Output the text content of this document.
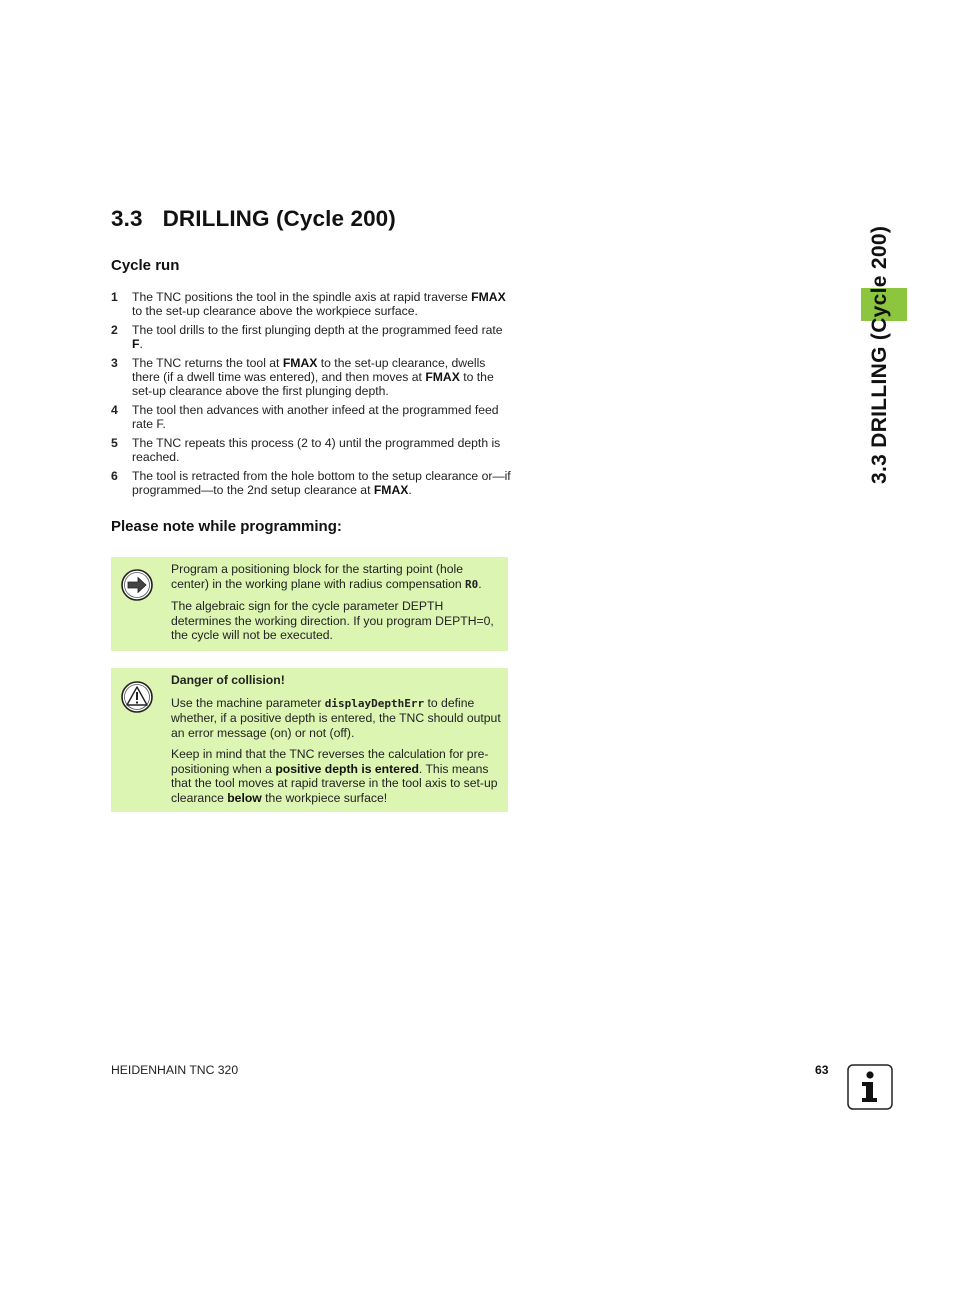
3.3 DRILLING (Cycle 200)
Cycle run
1 The TNC positions the tool in the spindle axis at rapid traverse FMAX to the set-up clearance above the workpiece surface.
2 The tool drills to the first plunging depth at the programmed feed rate F.
3 The TNC returns the tool at FMAX to the set-up clearance, dwells there (if a dwell time was entered), and then moves at FMAX to the set-up clearance above the first plunging depth.
4 The tool then advances with another infeed at the programmed feed rate F.
5 The TNC repeats this process (2 to 4) until the programmed depth is reached.
6 The tool is retracted from the hole bottom to the setup clearance or—if programmed—to the 2nd setup clearance at FMAX.
Please note while programming:

Program a positioning block for the starting point (hole center) in the working plane with radius compensation R0.

The algebraic sign for the cycle parameter DEPTH determines the working direction. If you program DEPTH=0, the cycle will not be executed.

Danger of collision!

Use the machine parameter displayDepthErr to define whether, if a positive depth is entered, the TNC should output an error message (on) or not (off).

Keep in mind that the TNC reverses the calculation for pre-positioning when a positive depth is entered. This means that the tool moves at rapid traverse in the tool axis to set-up clearance below the workpiece surface!

3.3 DRILLING (Cycle 200)
HEIDENHAIN TNC 320	63
